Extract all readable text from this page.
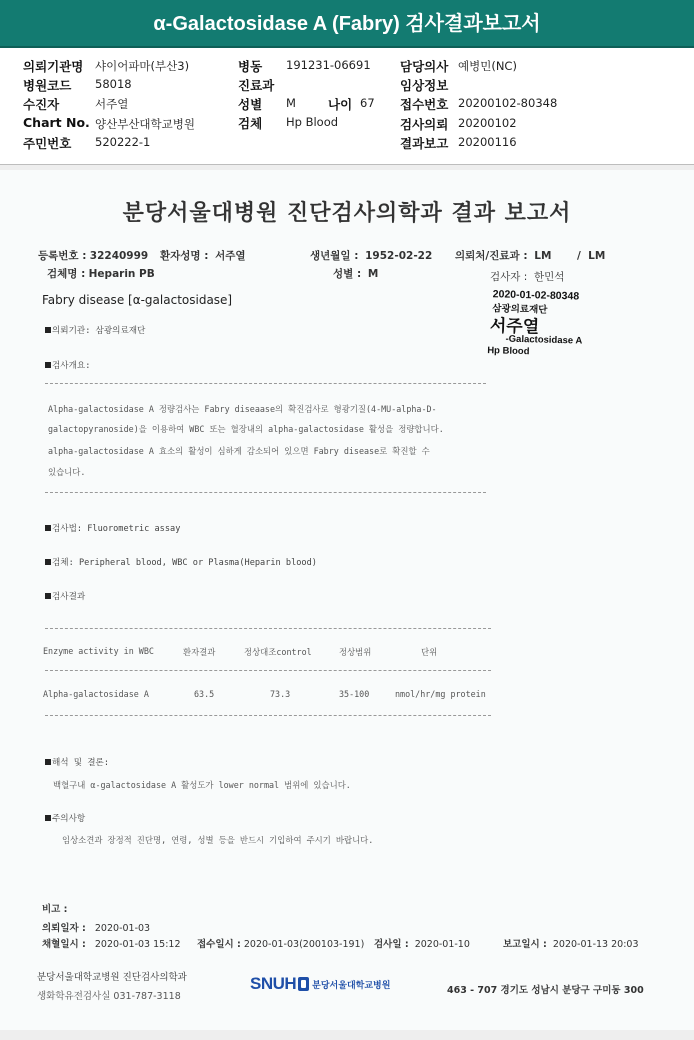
α-Galactosidase A (Fabry) 검사결과보고서
의뢰기관명 샤이어파마(부산3)
병원코드 58018
수진자	서주열
Chart No. 양산부산대학교병원
주민번호 520222-1
병동 191231-06691
진료과
성별 M	나이 67
검체 Hp Blood
담당의사 예병민(NC)
임상정보
접수번호 20200102-80348
검사의뢰 20200102
결과보고 20200116
분당서울대병원 진단검사의학과 결과 보고서
등록번호 : 32240999 환자성명 : 서주열	생년월일 : 1952-02-22 의뢰처/진료과 : LM       /  LM
검체명 : Heparin PB	성별 : M	검사자 : 한민석
Fabry disease [α-galactosidase]	2020-01-02-80348
삼광의료재단
서주열
-Galactosidase A
Hp Blood
의뢰기관: 삼광의료재단
검사개요:
Alpha-galactosidase A 정량검사는 Fabry diseaase의 확진검사로 형광기질(4-MU-alpha-D-
galactopyranoside)을 이용하여 WBC 또는 혈장내의 alpha-galactosidase 활성을 정량합니다.
alpha-galactosidase A 효소의 활성이 심하게 감소되어 있으면 Fabry disease로 확진할 수
있습니다.
검사법: Fluorometric assay
검체: Peripheral blood, WBC or Plasma(Heparin blood)
검사결과
Enzyme activity in WBC	환자결과	정상대조control	정상범위	단위
Alpha-galactosidase A	63.5	73.3	35-100	nmol/hr/mg protein
해석 및 결론:
백혈구내 α-galactosidase A 활성도가 lower normal 범위에 있습니다.
주의사항
임상소견과 장정적 진단명, 연령, 성별 등을 반드시 기입하여 주시기 바랍니다.
비고 :
의뢰일자 : 2020-01-03
채혈일시 : 2020-01-03 15:12 접수일시 : 2020-01-03(200103-191) 검사일 : 2020-01-10	보고일시 : 2020-01-13 20:03
분당서울대학교병원 진단검사의학과
생화학유전검사실 031-787-3118
SNUH 분당서울대학교병원	463 - 707 경기도 성남시 분당구 구미동 300
